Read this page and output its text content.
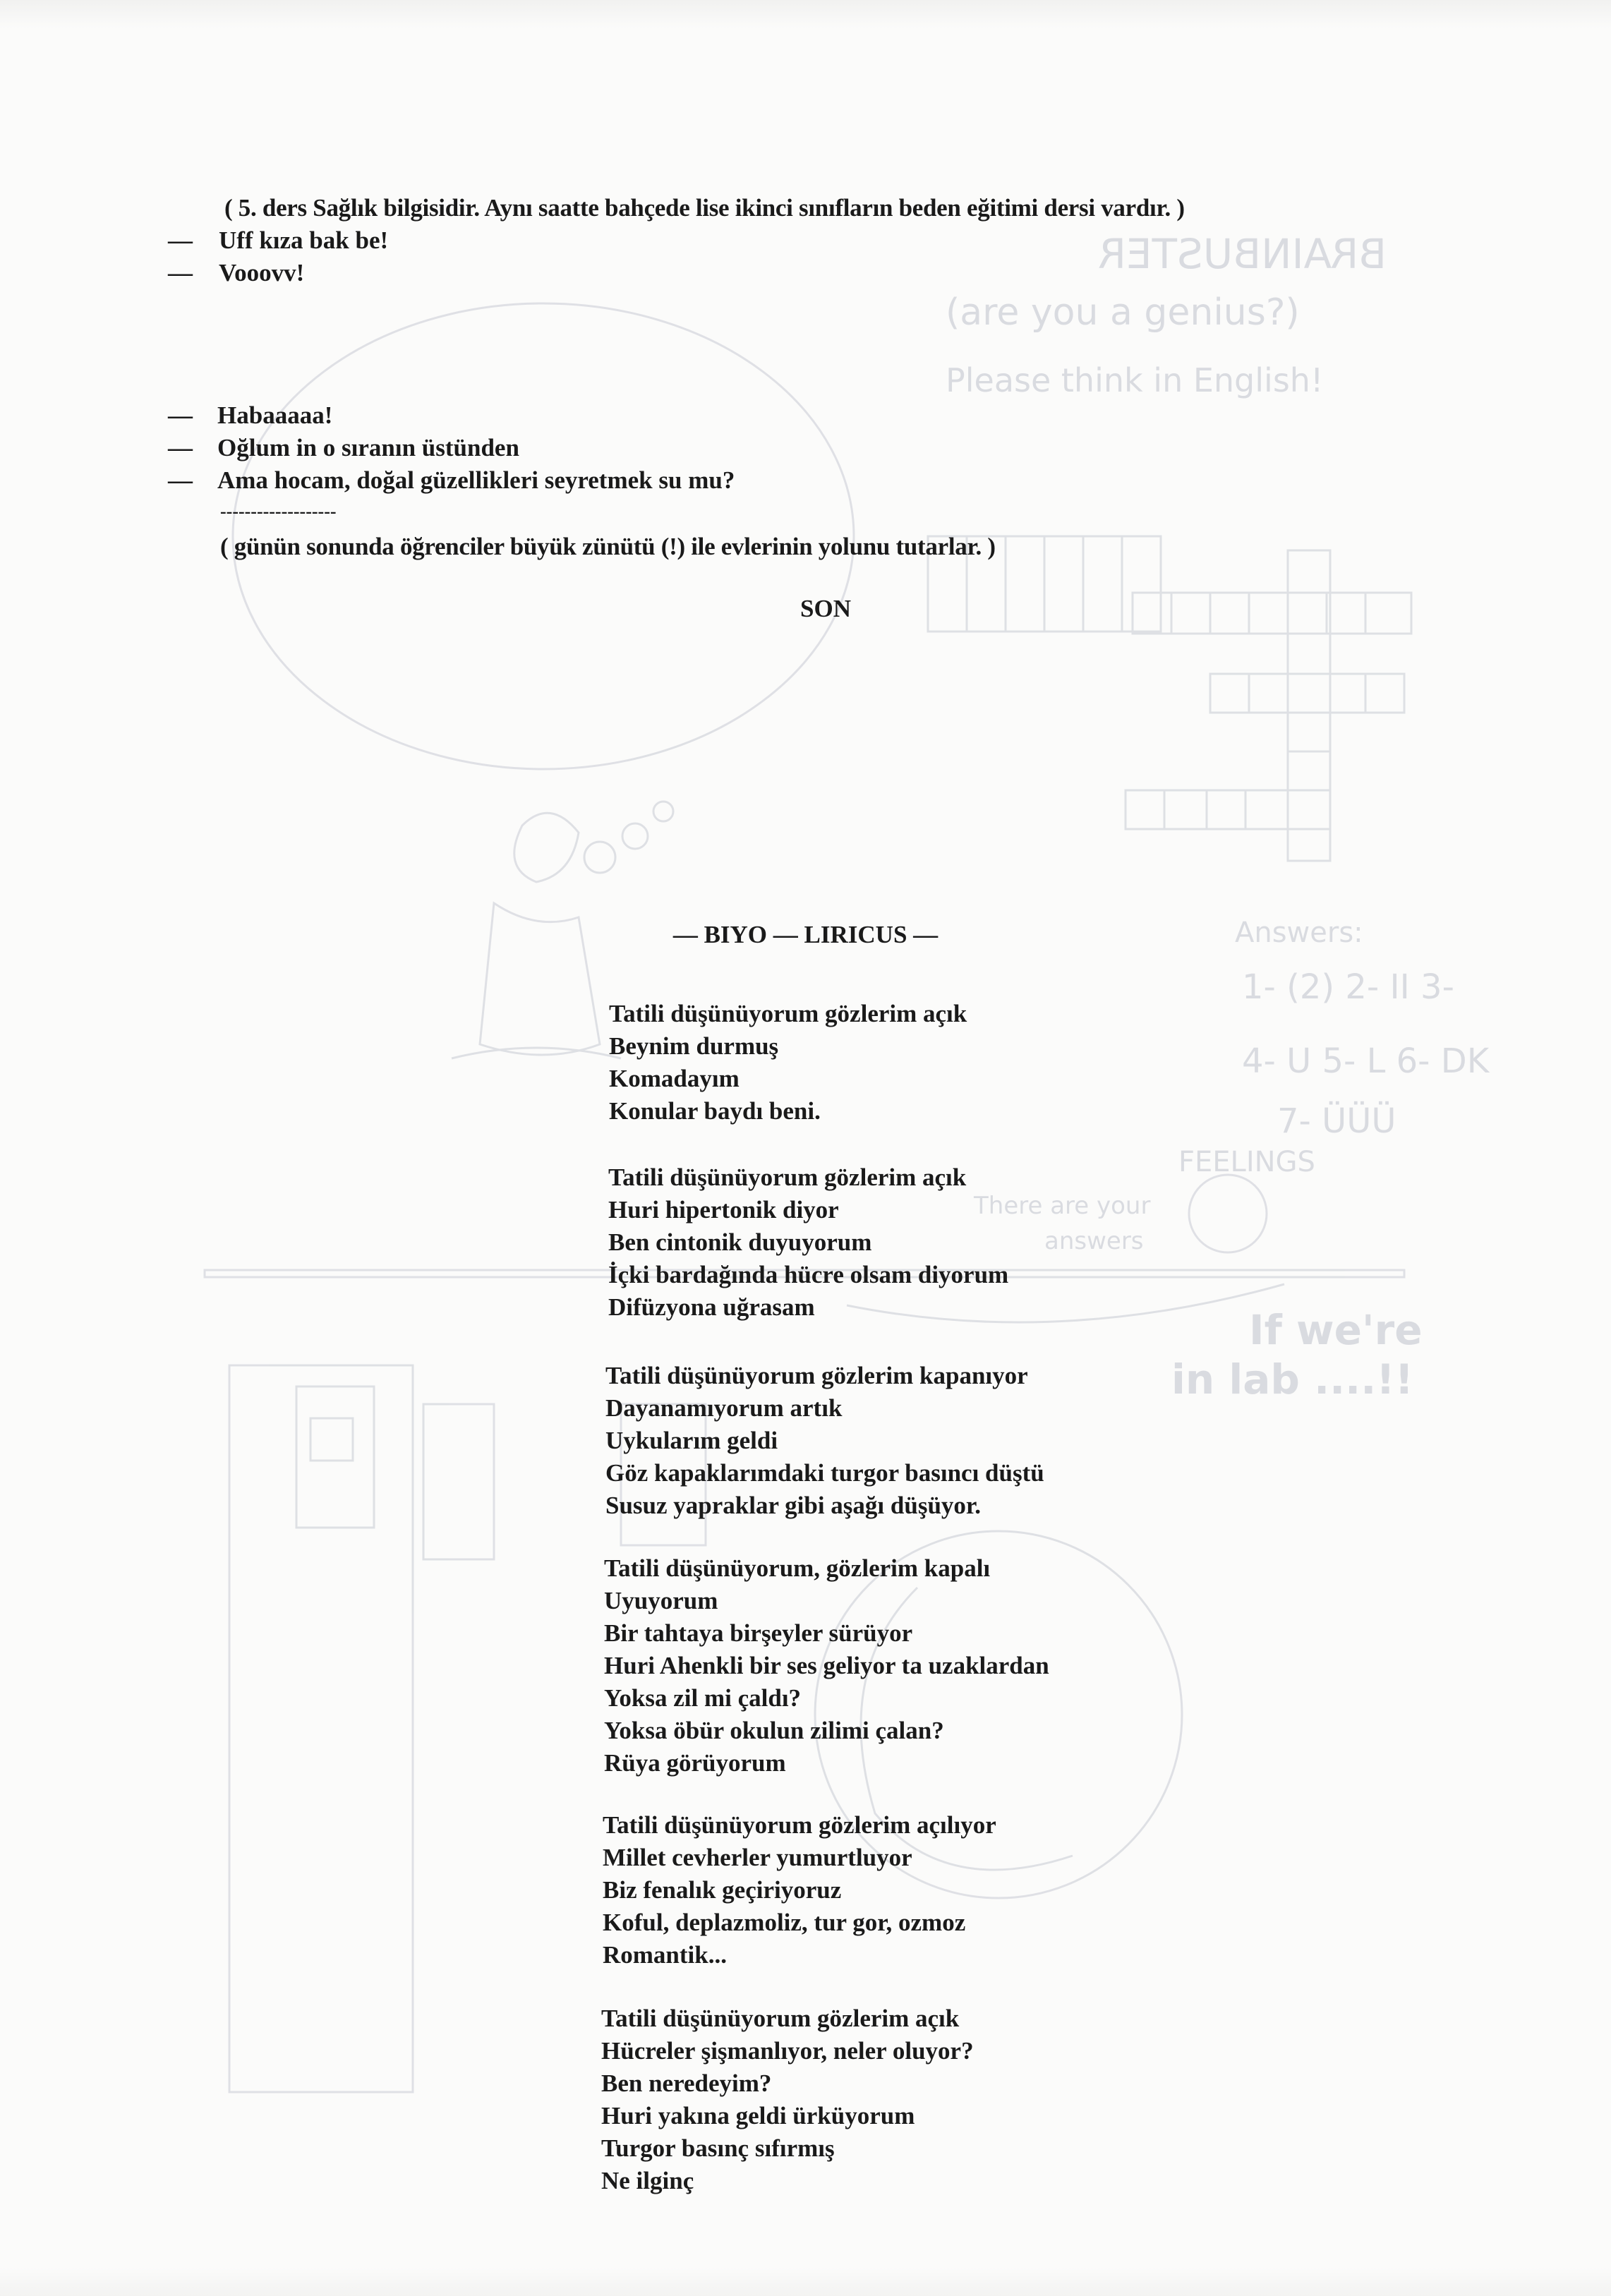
BRAINBUSTER
(are you a genius?)
Please think in English!
Answers:
1- (2) 2- II 3-
4- U 5- L 6- DK
7- ÜÜÜ
FEELINGS
There are your
answers
If we're
in lab ....!!
( 5. ders Sağlık bilgisidir. Aynı saatte bahçede lise ikinci sınıfların beden eğitimi dersi vardır. )
— Uff kıza bak be!
— Vooovv!
— Habaaaaa!
— Oğlum in o sıranın üstünden
— Ama hocam, doğal güzellikleri seyretmek su mu?
-------------------
( günün sonunda öğrenciler büyük zünütü (!) ile evlerinin yolunu tutarlar. )
SON
— BIYO — LIRICUS —
Tatili düşünüyorum gözlerim açık
Beynim durmuş
Komadayım
Konular baydı beni.
Tatili düşünüyorum gözlerim açık
Huri hipertonik diyor
Ben cintonik duyuyorum
İçki bardağında hücre olsam diyorum
Difüzyona uğrasam
Tatili düşünüyorum gözlerim kapanıyor
Dayanamıyorum artık
Uykularım geldi
Göz kapaklarımdaki turgor basıncı düştü
Susuz yapraklar gibi aşağı düşüyor.
Tatili düşünüyorum, gözlerim kapalı
Uyuyorum
Bir tahtaya birşeyler sürüyor
Huri Ahenkli bir ses geliyor ta uzaklardan
Yoksa zil mi çaldı?
Yoksa öbür okulun zilimi çalan?
Rüya görüyorum
Tatili düşünüyorum gözlerim açılıyor
Millet cevherler yumurtluyor
Biz fenalık geçiriyoruz
Koful, deplazmoliz, tur gor, ozmoz
Romantik...
Tatili düşünüyorum gözlerim açık
Hücreler şişmanlıyor, neler oluyor?
Ben neredeyim?
Huri yakına geldi ürküyorum
Turgor basınç sıfırmış
Ne ilginç
